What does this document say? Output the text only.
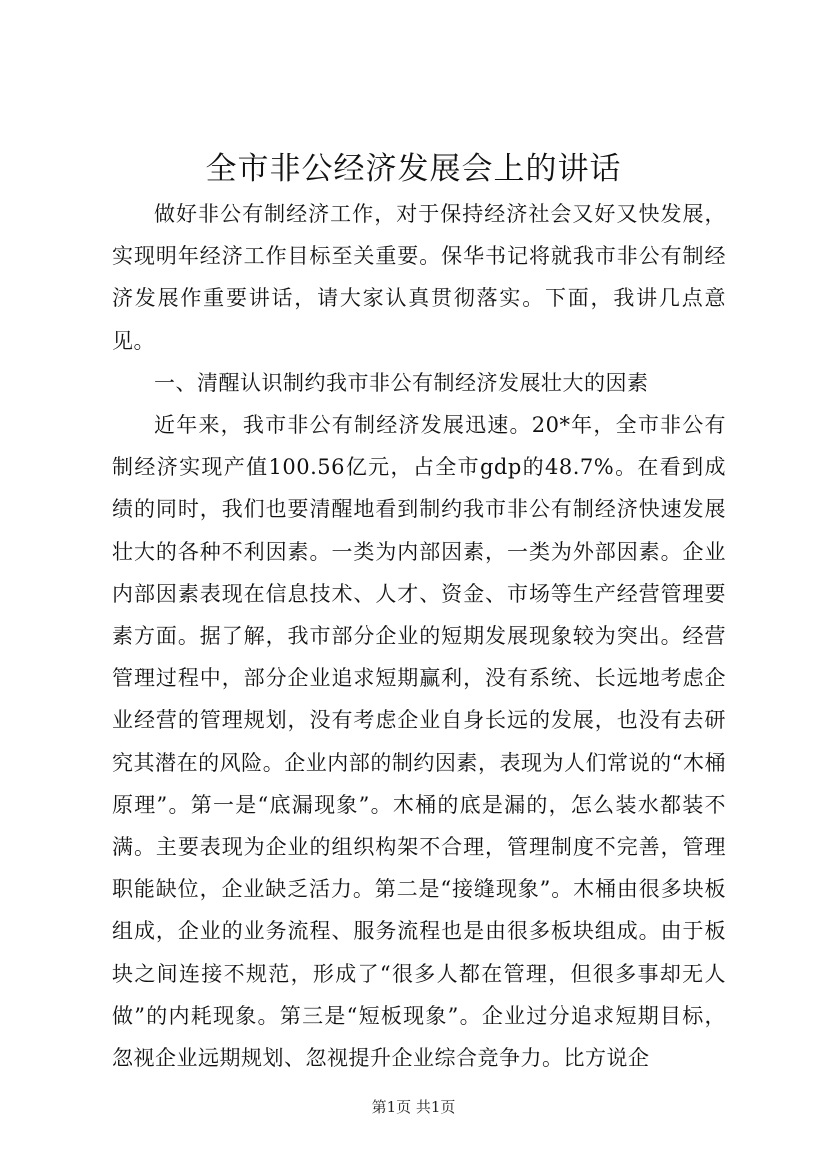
全市非公经济发展会上的讲话

做好非公有制经济工作，对于保持经济社会又好又快发展，实现明年经济工作目标至关重要。保华书记将就我市非公有制经济发展作重要讲话，请大家认真贯彻落实。下面，我讲几点意见。

一、清醒认识制约我市非公有制经济发展壮大的因素

近年来，我市非公有制经济发展迅速。20*年，全市非公有制经济实现产值100.56亿元，占全市gdp的48.7%。在看到成绩的同时，我们也要清醒地看到制约我市非公有制经济快速发展壮大的各种不利因素。一类为内部因素，一类为外部因素。企业内部因素表现在信息技术、人才、资金、市场等生产经营管理要素方面。据了解，我市部分企业的短期发展现象较为突出。经营管理过程中，部分企业追求短期赢利，没有系统、长远地考虑企业经营的管理规划，没有考虑企业自身长远的发展，也没有去研究其潜在的风险。企业内部的制约因素，表现为人们常说的“木桶原理”。第一是“底漏现象”。木桶的底是漏的，怎么装水都装不满。主要表现为企业的组织构架不合理，管理制度不完善，管理职能缺位，企业缺乏活力。第二是“接缝现象”。木桶由很多块板组成，企业的业务流程、服务流程也是由很多板块组成。由于板块之间连接不规范，形成了“很多人都在管理，但很多事却无人做”的内耗现象。第三是“短板现象”。企业过分追求短期目标，忽视企业远期规划、忽视提升企业综合竞争力。比方说企

第1页 共1页
